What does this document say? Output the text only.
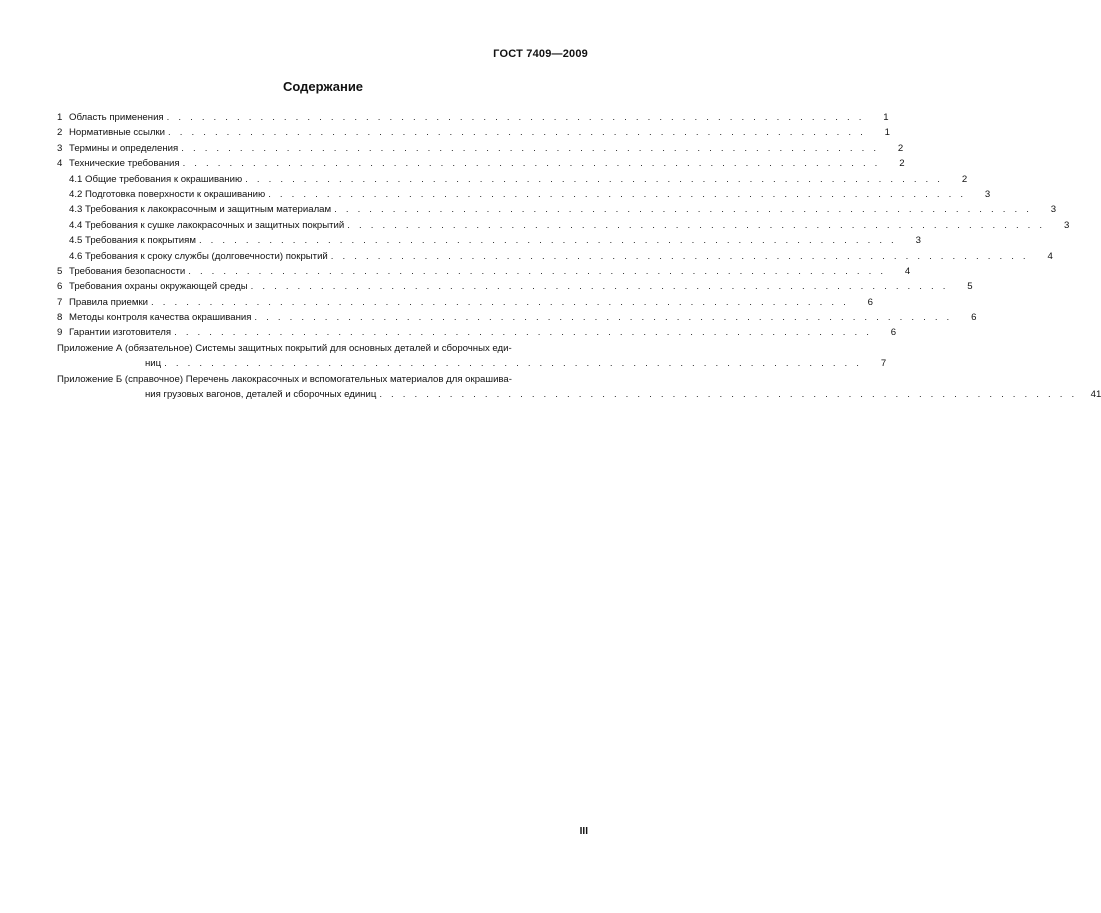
ГОСТ 7409—2009
Содержание
1 Область применения . . . . . . . . . . . . . . . . . . . . . . . . . . . . . . . . . . . . . . . . . . . . . . . . . . . . . . . . . . . .	1
2 Нормативные ссылки . . . . . . . . . . . . . . . . . . . . . . . . . . . . . . . . . . . . . . . . . . . . . . . . . . . . . . . . . . . .	1
3 Термины и определения . . . . . . . . . . . . . . . . . . . . . . . . . . . . . . . . . . . . . . . . . . . . . . . . . . . . . . . . . . . .	2
4 Технические требования . . . . . . . . . . . . . . . . . . . . . . . . . . . . . . . . . . . . . . . . . . . . . . . . . . . . . . . . . . . .	2
4.1 Общие требования к окрашиванию . . . . . . . . . . . . . . . . . . . . . . . . . . . . . . . . . . . . . . . . . . . . . . . . . . . . . . . . . . . .	2
4.2 Подготовка поверхности к окрашиванию . . . . . . . . . . . . . . . . . . . . . . . . . . . . . . . . . . . . . . . . . . . . . . . . . . . . . . . . . . . .	3
4.3 Требования к лакокрасочным и защитным материалам . . . . . . . . . . . . . . . . . . . . . . . . . . . . . . . . . . . . . . . . . . . . . . . . . . . . . . . . . . . .	3
4.4 Требования к сушке лакокрасочных и защитных покрытий . . . . . . . . . . . . . . . . . . . . . . . . . . . . . . . . . . . . . . . . . . . . . . . . . . . . . . . . . . . .	3
4.5 Требования к покрытиям . . . . . . . . . . . . . . . . . . . . . . . . . . . . . . . . . . . . . . . . . . . . . . . . . . . . . . . . . . . .	3
4.6 Требования к сроку службы (долговечности) покрытий . . . . . . . . . . . . . . . . . . . . . . . . . . . . . . . . . . . . . . . . . . . . . . . . . . . . . . . . . . . .	4
5 Требования безопасности . . . . . . . . . . . . . . . . . . . . . . . . . . . . . . . . . . . . . . . . . . . . . . . . . . . . . . . . . . . .	4
6 Требования охраны окружающей среды . . . . . . . . . . . . . . . . . . . . . . . . . . . . . . . . . . . . . . . . . . . . . . . . . . . . . . . . . . . .	5
7 Правила приемки . . . . . . . . . . . . . . . . . . . . . . . . . . . . . . . . . . . . . . . . . . . . . . . . . . . . . . . . . . . .	6
8 Методы контроля качества окрашивания . . . . . . . . . . . . . . . . . . . . . . . . . . . . . . . . . . . . . . . . . . . . . . . . . . . . . . . . . . . .	6
9 Гарантии изготовителя . . . . . . . . . . . . . . . . . . . . . . . . . . . . . . . . . . . . . . . . . . . . . . . . . . . . . . . . . . . .	6
Приложение А (обязательное) Системы защитных покрытий для основных деталей и сборочных еди-
ниц . . . . . . . . . . . . . . . . . . . . . . . . . . . . . . . . . . . . . . . . . . . . . . . . . . . . . . . . . . . .	7
Приложение Б (справочное) Перечень лакокрасочных и вспомогательных материалов для окрашива-
ния грузовых вагонов, деталей и сборочных единиц . . . . . . . . . . . . . . . . . . . . . . . . . . . . . . . . . . . . . . . . . . . . . . . . . . . . . . . . . . . .	41
III
